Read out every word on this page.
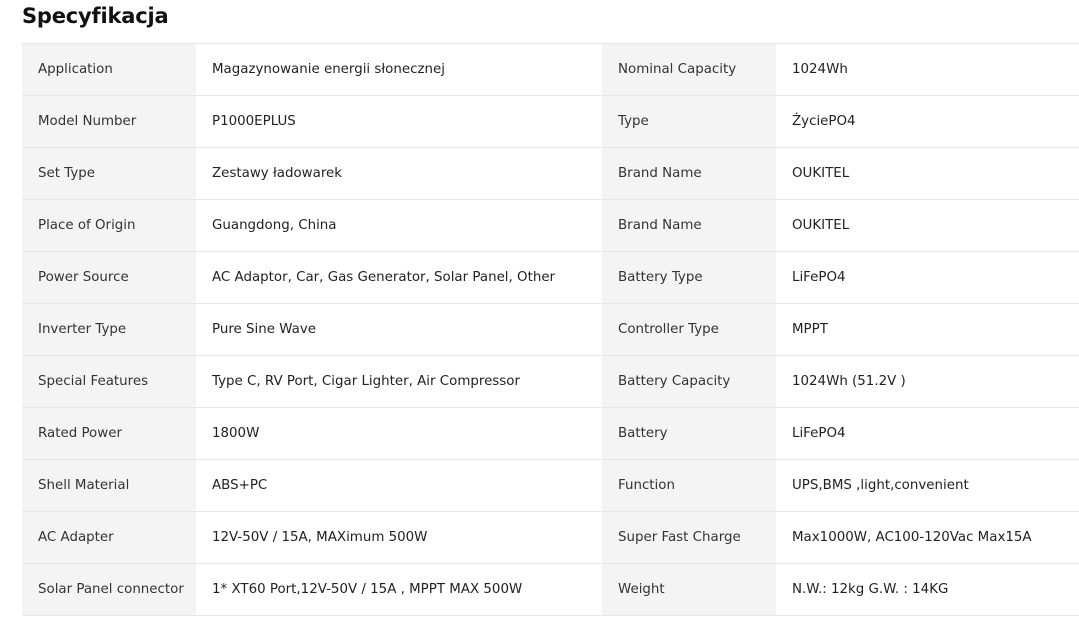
Specyfikacja
Application	Magazynowanie energii słonecznej	Nominal Capacity	1024Wh
Model Number	P1000EPLUS	Type	ŻyciePO4
Set Type	Zestawy ładowarek	Brand Name	OUKITEL
Place of Origin	Guangdong, China	Brand Name	OUKITEL
Power Source	AC Adaptor, Car, Gas Generator, Solar Panel, Other	Battery Type	LiFePO4
Inverter Type	Pure Sine Wave	Controller Type	MPPT
Special Features	Type C, RV Port, Cigar Lighter, Air Compressor	Battery Capacity	1024Wh (51.2V )
Rated Power	1800W	Battery	LiFePO4
Shell Material	ABS+PC	Function	UPS,BMS ,light,convenient
AC Adapter	12V-50V / 15A, MAXimum 500W	Super Fast Charge	Max1000W, AC100-120Vac Max15A
Solar Panel connector	1* XT60 Port,12V-50V / 15A , MPPT MAX 500W	Weight	N.W.: 12kg G.W. : 14KG
